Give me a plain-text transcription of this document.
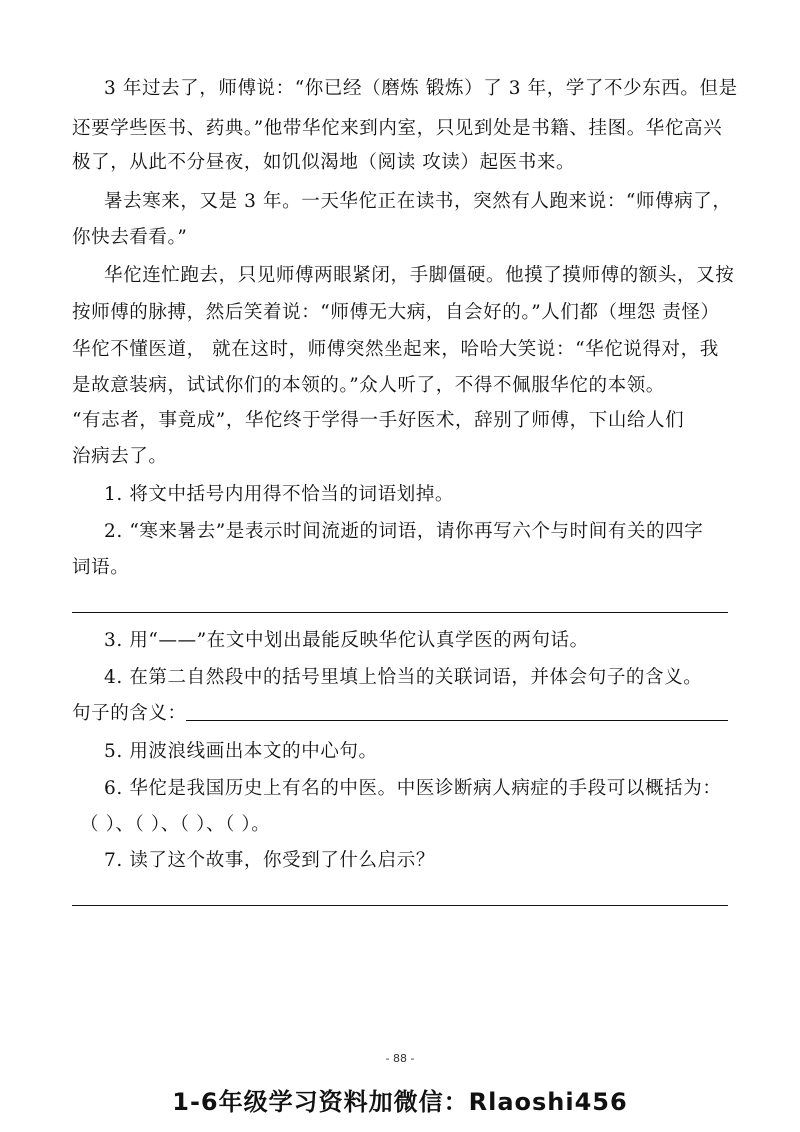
3 年过去了，师傅说：“你已经（磨炼 锻炼）了 3 年，学了不少东西。但是
还要学些医书、药典。”他带华佗来到内室，只见到处是书籍、挂图。华佗高兴
极了，从此不分昼夜，如饥似渴地（阅读 攻读）起医书来。
暑去寒来，又是 3 年。一天华佗正在读书，突然有人跑来说：“师傅病了，
你快去看看。”
华佗连忙跑去，只见师傅两眼紧闭，手脚僵硬。他摸了摸师傅的额头，又按
按师傅的脉搏，然后笑着说：“师傅无大病，自会好的。”人们都（埋怨 责怪）
华佗不懂医道， 就在这时，师傅突然坐起来，哈哈大笑说：“华佗说得对，我
是故意装病，试试你们的本领的。”众人听了，不得不佩服华佗的本领。
“有志者，事竟成”，华佗终于学得一手好医术，辞别了师傅，下山给人们
治病去了。
1. 将文中括号内用得不恰当的词语划掉。
2. “寒来暑去”是表示时间流逝的词语，请你再写六个与时间有关的四字
词语。
3. 用“——”在文中划出最能反映华佗认真学医的两句话。
4. 在第二自然段中的括号里填上恰当的关联词语，并体会句子的含义。
句子的含义：
5. 用波浪线画出本文的中心句。
6. 华佗是我国历史上有名的中医。中医诊断病人病症的手段可以概括为：
（ ）、（ ）、（ ）、（ ）。
7. 读了这个故事，你受到了什么启示？
- 88 -
1-6年级学习资料加微信：Rlaoshi456
